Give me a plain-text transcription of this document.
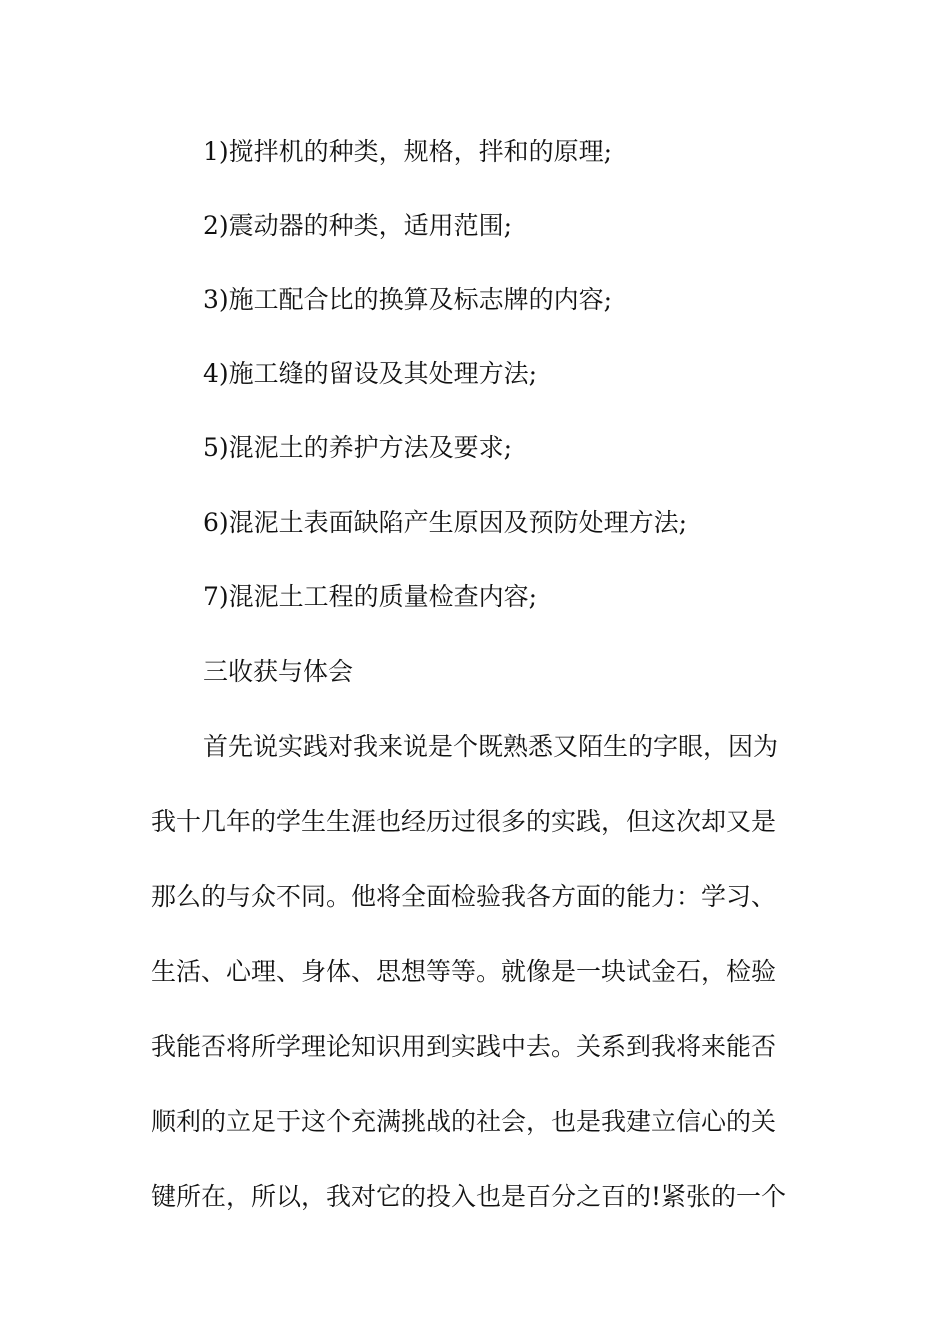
1)搅拌机的种类，规格，拌和的原理;

2)震动器的种类，适用范围;

3)施工配合比的换算及标志牌的内容;

4)施工缝的留设及其处理方法;

5)混泥土的养护方法及要求;

6)混泥土表面缺陷产生原因及预防处理方法;

7)混泥土工程的质量检查内容;

三收获与体会

首先说实践对我来说是个既熟悉又陌生的字眼，因为

我十几年的学生生涯也经历过很多的实践，但这次却又是

那么的与众不同。他将全面检验我各方面的能力：学习、

生活、心理、身体、思想等等。就像是一块试金石，检验

我能否将所学理论知识用到实践中去。关系到我将来能否

顺利的立足于这个充满挑战的社会，也是我建立信心的关

键所在，所以，我对它的投入也是百分之百的!紧张的一个
